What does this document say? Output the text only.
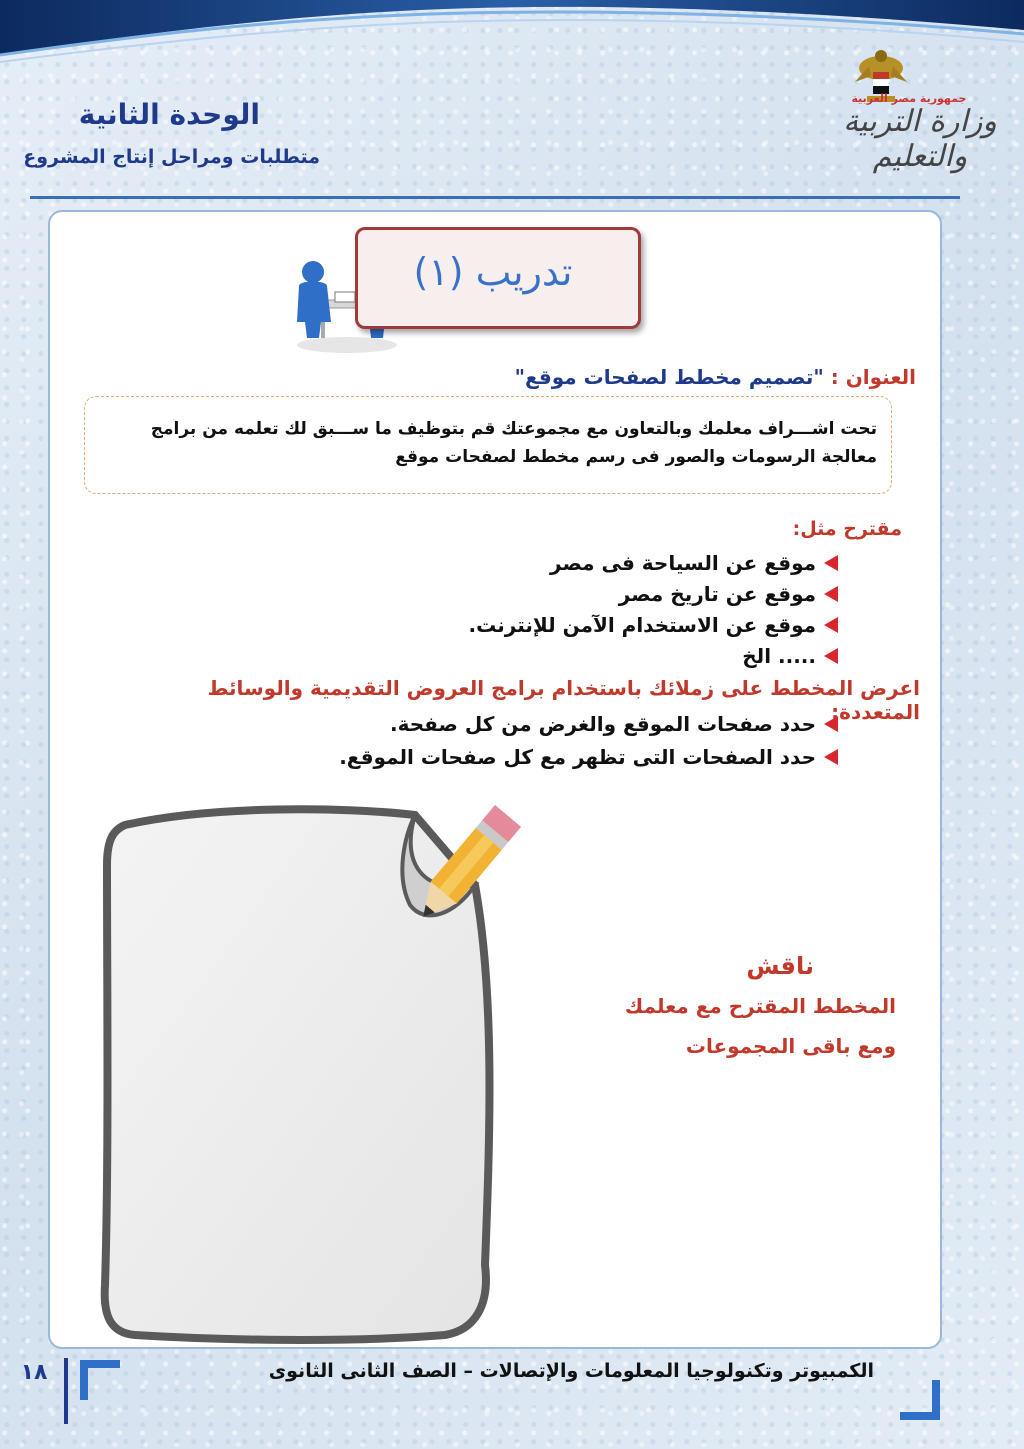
الوحدة الثانية
متطلبات ومراحل إنتاج المشروع
جمهورية مصر العربية
وزارة التربية والتعليم
تدريب (١)
العنوان : "تصميم مخطط لصفحات موقع"
تحت اشـــراف معلمك وبالتعاون مع مجموعتك قم بتوظيف ما ســـبق لك تعلمه من برامج معالجة الرسومات والصور فى رسم مخطط لصفحات موقع
مقترح مثل:
موقع عن السياحة فى مصر
موقع عن تاريخ مصر
موقع عن الاستخدام الآمن للإنترنت.
..... الخ
اعرض المخطط على زملائك باستخدام برامج العروض التقديمية والوسائط المتعددة:
حدد صفحات الموقع والغرض من كل صفحة.
حدد الصفحات التى تظهر مع كل صفحات الموقع.
ناقش
المخطط المقترح مع معلمك
ومع باقى المجموعات
١٨	الكمبيوتر وتكنولوجيا المعلومات والإتصالات – الصف الثانى الثانوى
